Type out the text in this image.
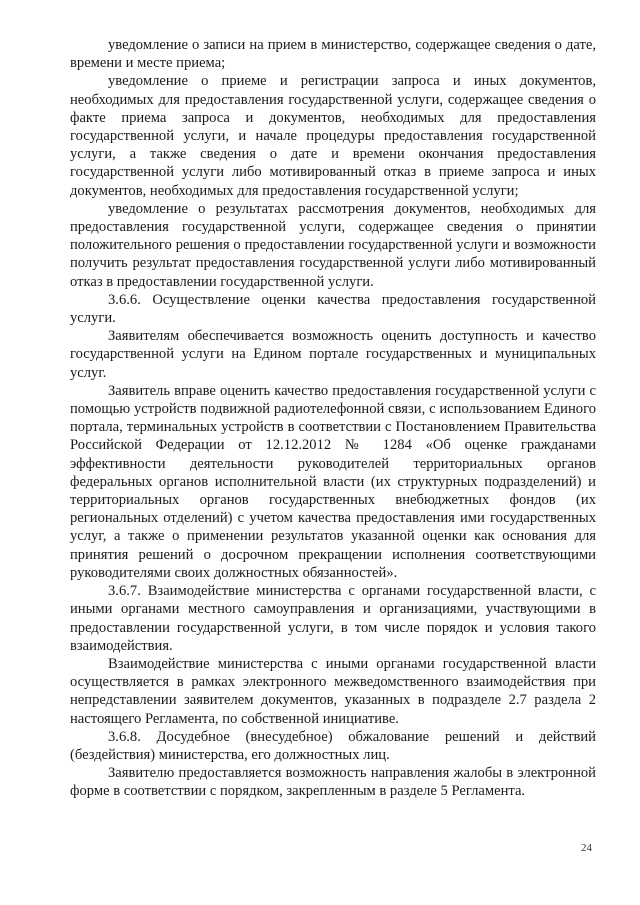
уведомление о записи на прием в министерство, содержащее сведения о дате, времени и месте приема;

уведомление о приеме и регистрации запроса и иных документов, необходимых для предоставления государственной услуги, содержащее сведения о факте приема запроса и документов, необходимых для предоставления государственной услуги, и начале процедуры предоставления государственной услуги, а также сведения о дате и времени окончания предоставления государственной услуги либо мотивированный отказ в приеме запроса и иных документов, необходимых для предоставления государственной услуги;

уведомление о результатах рассмотрения документов, необходимых для предоставления государственной услуги, содержащее сведения о принятии положительного решения о предоставлении государственной услуги и возможности получить результат предоставления государственной услуги либо мотивированный отказ в предоставлении государственной услуги.

3.6.6. Осуществление оценки качества предоставления государственной услуги.

Заявителям обеспечивается возможность оценить доступность и качество государственной услуги на Едином портале государственных и муниципальных услуг.

Заявитель вправе оценить качество предоставления государственной услуги с помощью устройств подвижной радиотелефонной связи, с использованием Единого портала, терминальных устройств в соответствии с Постановлением Правительства Российской Федерации от 12.12.2012 № 1284 «Об оценке гражданами эффективности деятельности руководителей территориальных органов федеральных органов исполнительной власти (их структурных подразделений) и территориальных органов государственных внебюджетных фондов (их региональных отделений) с учетом качества предоставления ими государственных услуг, а также о применении результатов указанной оценки как основания для принятия решений о досрочном прекращении исполнения соответствующими руководителями своих должностных обязанностей».

3.6.7. Взаимодействие министерства с органами государственной власти, с иными органами местного самоуправления и организациями, участвующими в предоставлении государственной услуги, в том числе порядок и условия такого взаимодействия.

Взаимодействие министерства с иными органами государственной власти осуществляется в рамках электронного межведомственного взаимодействия при непредставлении заявителем документов, указанных в подразделе 2.7 раздела 2 настоящего Регламента, по собственной инициативе.

3.6.8. Досудебное (внесудебное) обжалование решений и действий (бездействия) министерства, его должностных лиц.

Заявителю предоставляется возможность направления жалобы в электронной форме в соответствии с порядком, закрепленным в разделе 5 Регламента.

24
